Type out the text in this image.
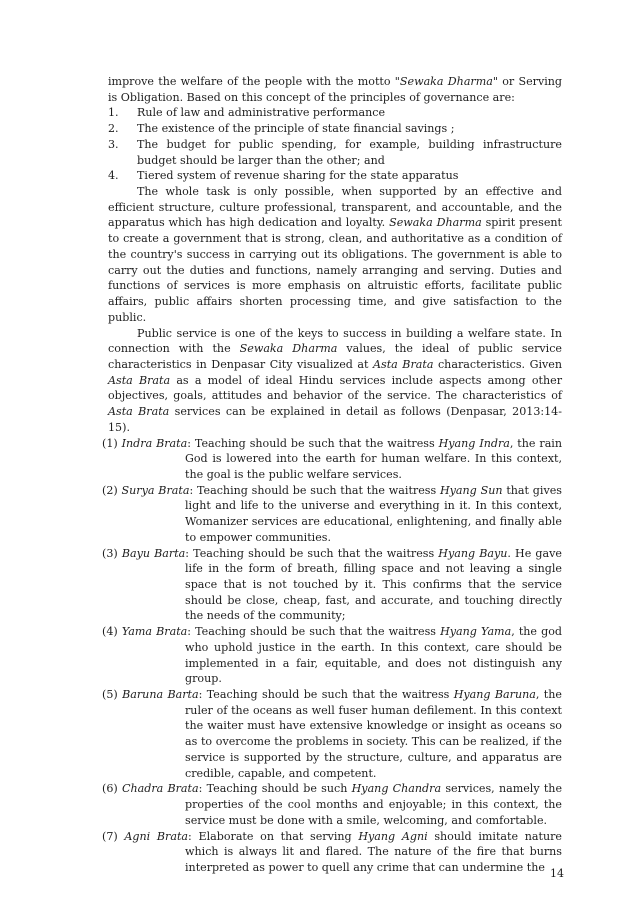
improve the welfare of the people with the motto "Sewaka Dharma" or Serving is Obligation. Based on this concept of the principles of governance are:

1.	Rule of law and administrative performance
2.	The existence of the principle of state financial savings ;
3.	The budget for public spending, for example, building infrastructure budget should be larger than the other; and
4.	Tiered system of revenue sharing for the state apparatus

The whole task is only possible, when supported by an effective and efficient structure, culture professional, transparent, and accountable, and the apparatus which has high dedication and loyalty. Sewaka Dharma spirit present to create a government that is strong, clean, and authoritative as a condition of the country's success in carrying out its obligations. The government is able to carry out the duties and functions, namely arranging and serving. Duties and functions of services is more emphasis on altruistic efforts, facilitate public affairs, public affairs shorten processing time, and give satisfaction to the public.

Public service is one of the keys to success in building a welfare state. In connection with the Sewaka Dharma values, the ideal of public service characteristics in Denpasar City visualized at Asta Brata characteristics. Given Asta Brata as a model of ideal Hindu services include aspects among other objectives, goals, attitudes and behavior of the service. The characteristics of Asta Brata services can be explained in detail as follows (Denpasar, 2013:14-15).

(1) Indra Brata: Teaching should be such that the waitress Hyang Indra, the rain God is lowered into the earth for human welfare. In this context, the goal is the public welfare services.
(2) Surya Brata: Teaching should be such that the waitress Hyang Sun that gives light and life to the universe and everything in it. In this context, Womanizer services are educational, enlightening, and finally able to empower communities.
(3) Bayu Barta: Teaching should be such that the waitress Hyang Bayu. He gave life in the form of breath, filling space and not leaving a single space that is not touched by it. This confirms that the service should be close, cheap, fast, and accurate, and touching directly the needs of the community;
(4) Yama Brata: Teaching should be such that the waitress Hyang Yama, the god who uphold justice in the earth. In this context, care should be implemented in a fair, equitable, and does not distinguish any group.
(5) Baruna Barta: Teaching should be such that the waitress Hyang Baruna, the ruler of the oceans as well fuser human defilement. In this context the waiter must have extensive knowledge or insight as oceans so as to overcome the problems in society. This can be realized, if the service is supported by the structure, culture, and apparatus are credible, capable, and competent.
(6) Chadra Brata: Teaching should be such Hyang Chandra services, namely the properties of the cool months and enjoyable; in this context, the service must be done with a smile, welcoming, and comfortable.
(7) Agni Brata: Elaborate on that serving Hyang Agni should imitate nature which is always lit and flared. The nature of the fire that burns interpreted as power to quell any crime that can undermine the 14
